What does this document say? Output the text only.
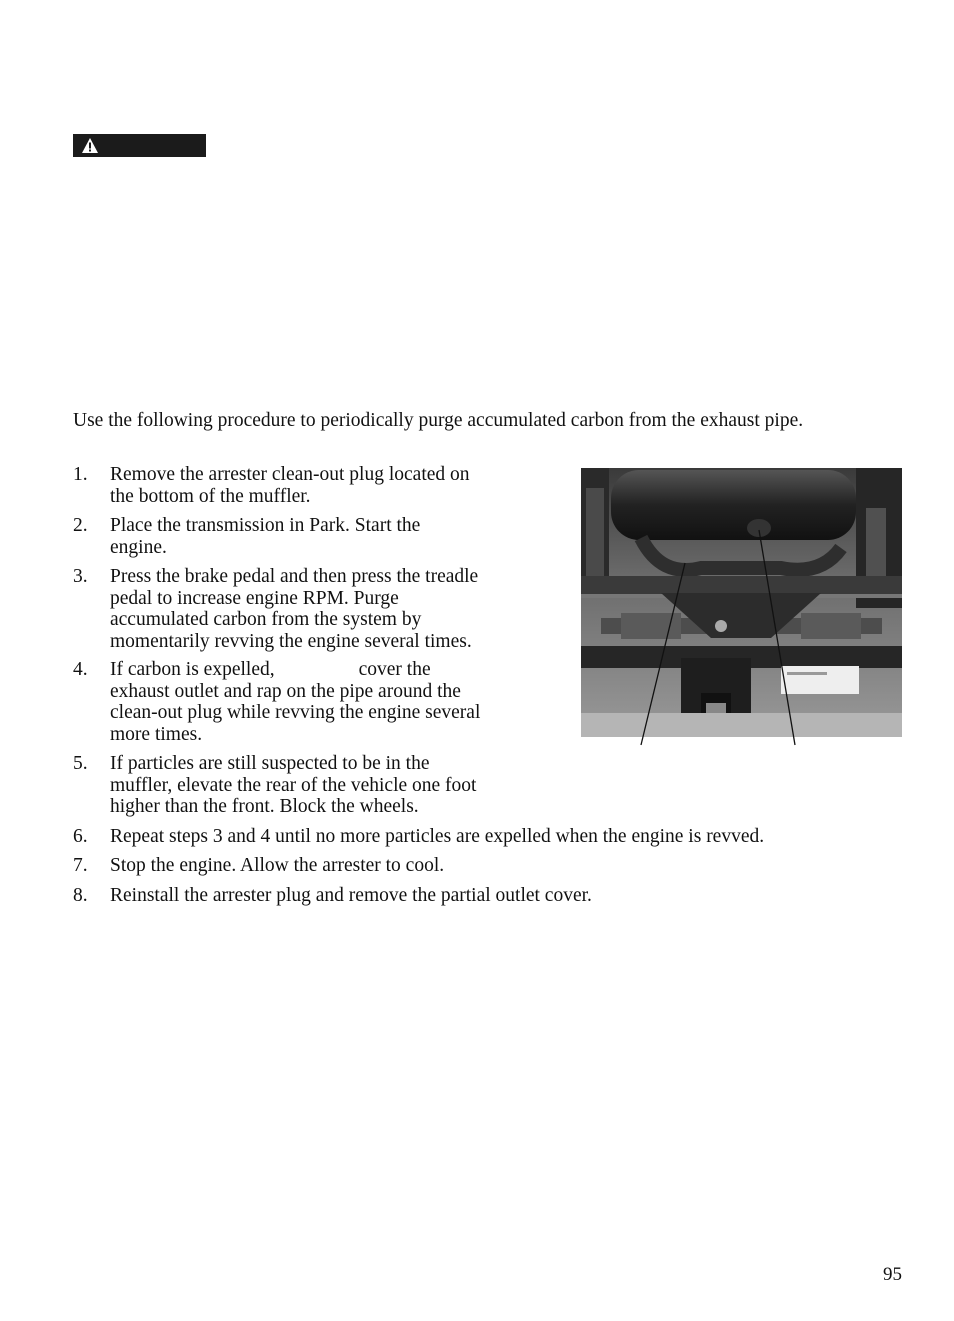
Use the following procedure to periodically purge accumulated carbon from the exhaust pipe.

1.	Remove the arrester clean-out plug located on
the bottom of the muffler.
2.	Place the transmission in Park. Start the
engine.
3.	Press the brake pedal and then press the treadle
pedal to increase engine RPM. Purge
accumulated carbon from the system by
momentarily revving the engine several times.
4.	If carbon is expelled,	cover the
exhaust outlet and rap on the pipe around the
clean-out plug while revving the engine several
more times.
5.	If particles are still suspected to be in the
muffler, elevate the rear of the vehicle one foot
higher than the front. Block the wheels.
6.	Repeat steps 3 and 4 until no more particles are expelled when the engine is revved.
7.	Stop the engine. Allow the arrester to cool.
8.	Reinstall the arrester plug and remove the partial outlet cover.
95
